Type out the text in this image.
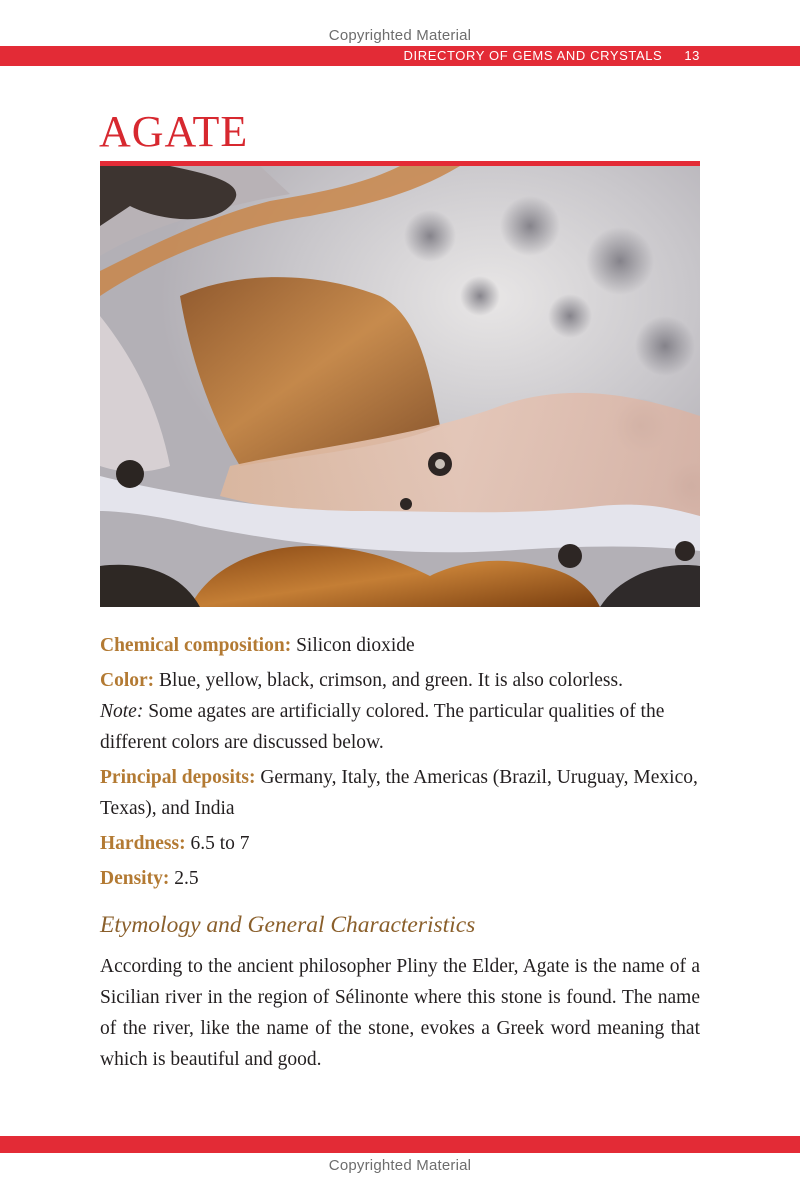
Copyrighted Material
DIRECTORY OF GEMS AND CRYSTALS 13
AGATE

Chemical composition: Silicon dioxide

Color: Blue, yellow, black, crimson, and green. It is also colorless.
Note: Some agates are artificially colored. The particular qualities of the different colors are discussed below.

Principal deposits: Germany, Italy, the Americas (Brazil, Uruguay, Mexico, Texas), and India

Hardness: 6.5 to 7

Density: 2.5

Etymology and General Characteristics

According to the ancient philosopher Pliny the Elder, Agate is the name of a Sicilian river in the region of Sélinonte where this stone is found. The name of the river, like the name of the stone, evokes a Greek word meaning that which is beautiful and good.

Copyrighted Material
